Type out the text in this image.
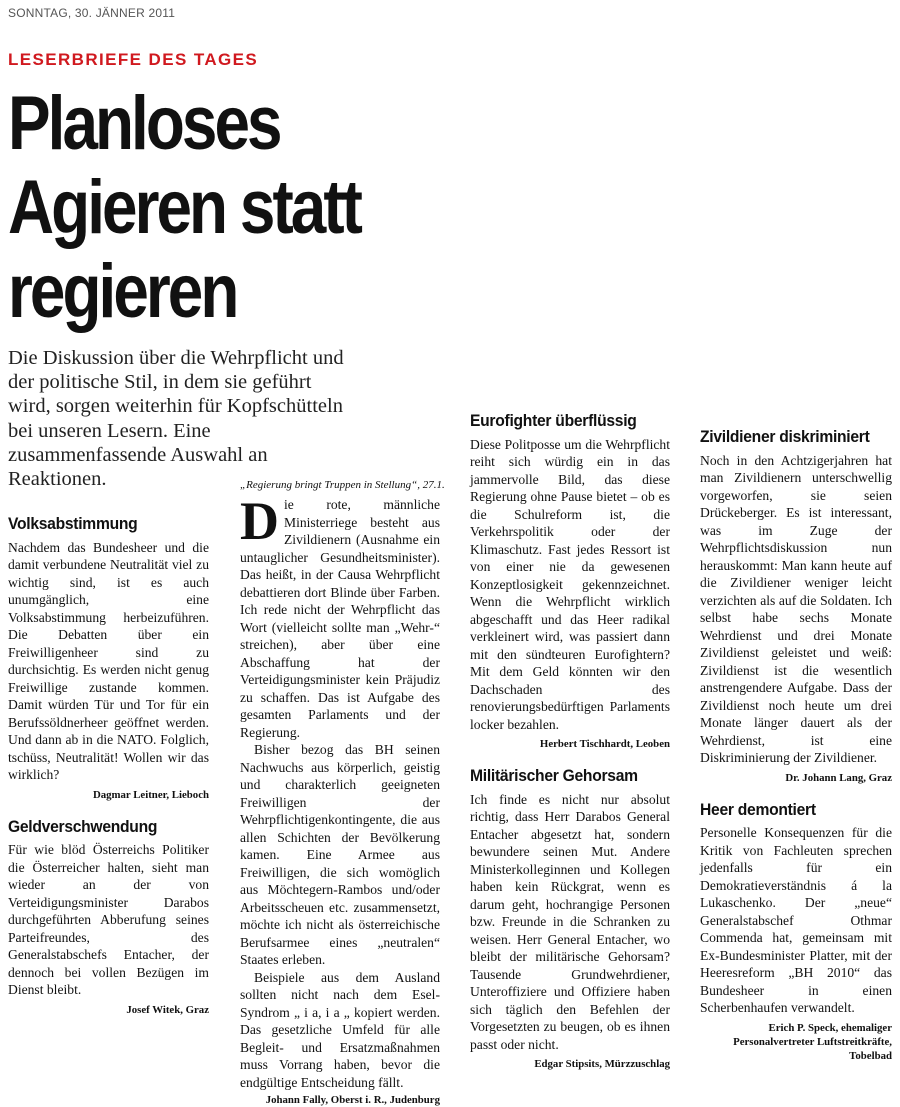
SONNTAG, 30. JÄNNER 2011
LESERBRIEFE DES TAGES
Planloses
Agieren statt
regieren
Die Diskussion über die Wehrpflicht und der politische Stil, in dem sie geführt wird, sorgen weiterhin für Kopfschütteln bei unseren Lesern. Eine zusammenfassende Auswahl an Reaktionen.
Volksabstimmung

Nachdem das Bundesheer und die damit verbundene Neutralität viel zu wichtig sind, ist es auch unumgänglich, eine Volksabstimmung herbeizuführen. Die Debatten über ein Freiwilligenheer sind zu durchsichtig. Es werden nicht genug Freiwillige zustande kommen. Damit würden Tür und Tor für ein Berufssöldnerheer geöffnet werden. Und dann ab in die NATO. Folglich, tschüss, Neutralität! Wollen wir das wirklich?

Dagmar Leitner, Lieboch
Geldverschwendung

Für wie blöd Österreichs Politiker die Österreicher halten, sieht man wieder an der von Verteidigungsminister Darabos durchgeführten Abberufung seines Parteifreundes, des Generalstabschefs Entacher, der dennoch bei vollen Bezügen im Dienst bleibt.

Josef Witek, Graz
„Regierung bringt Truppen in Stellung“, 27.1.

Die rote, männliche Ministerriege besteht aus Zivildienern (Ausnahme ein untauglicher Gesundheitsminister). Das heißt, in der Causa Wehrpflicht debattieren dort Blinde über Farben. Ich rede nicht der Wehrpflicht das Wort (vielleicht sollte man „Wehr-“ streichen), aber über eine Abschaffung hat der Verteidigungsminister kein Präjudiz zu schaffen. Das ist Aufgabe des gesamten Parlaments und der Regierung.

Bisher bezog das BH seinen Nachwuchs aus körperlich, geistig und charakterlich geeigneten Freiwilligen der Wehrpflichtigenkontingente, die aus allen Schichten der Bevölkerung kamen. Eine Armee aus Freiwilligen, die sich womöglich aus Möchtegern-Rambos und/oder Arbeitsscheuen etc. zusammensetzt, möchte ich nicht als österreichische Berufsarmee eines „neutralen“ Staates erleben.

Beispiele aus dem Ausland sollten nicht nach dem Esel-Syndrom „ i a, i a „ kopiert werden. Das gesetzliche Umfeld für alle Begleit- und Ersatzmaßnahmen muss Vorrang haben, bevor die endgültige Entscheidung fällt.

Johann Fally, Oberst i. R., Judenburg
Eurofighter überflüssig

Diese Politposse um die Wehrpflicht reiht sich würdig ein in das jammervolle Bild, das diese Regierung ohne Pause bietet – ob es die Schulreform ist, die Verkehrspolitik oder der Klimaschutz. Fast jedes Ressort ist von einer nie da gewesenen Konzeptlosigkeit gekennzeichnet. Wenn die Wehrpflicht wirklich abgeschafft und das Heer radikal verkleinert wird, was passiert dann mit den sündteuren Eurofightern? Mit dem Geld könnten wir den Dachschaden des renovierungsbedürftigen Parlaments locker bezahlen.

Herbert Tischhardt, Leoben
Militärischer Gehorsam

Ich finde es nicht nur absolut richtig, dass Herr Darabos General Entacher abgesetzt hat, sondern bewundere seinen Mut. Andere Ministerkolleginnen und Kollegen haben kein Rückgrat, wenn es darum geht, hochrangige Personen bzw. Freunde in die Schranken zu weisen. Herr General Entacher, wo bleibt der militärische Gehorsam? Tausende Grundwehrdiener, Unteroffiziere und Offiziere haben sich täglich den Befehlen der Vorgesetzten zu beugen, ob es ihnen passt oder nicht.

Edgar Stipsits, Mürzzuschlag
Zivildiener diskriminiert

Noch in den Achtzigerjahren hat man Zivildienern unterschwellig vorgeworfen, sie seien Drückeberger. Es ist interessant, was im Zuge der Wehrpflichtsdiskussion nun herauskommt: Man kann heute auf die Zivildiener weniger leicht verzichten als auf die Soldaten. Ich selbst habe sechs Monate Wehrdienst und drei Monate Zivildienst geleistet und weiß: Zivildienst ist die wesentlich anstrengendere Aufgabe. Dass der Zivildienst noch heute um drei Monate länger dauert als der Wehrdienst, ist eine Diskriminierung der Zivildiener.

Dr. Johann Lang, Graz
Heer demontiert

Personelle Konsequenzen für die Kritik von Fachleuten sprechen jedenfalls für ein Demokratieverständnis á la Lukaschenko. Der „neue“ Generalstabschef Othmar Commenda hat, gemeinsam mit Ex-Bundesminister Platter, mit der Heeresreform „BH 2010“ das Bundesheer in einen Scherbenhaufen verwandelt.

Erich P. Speck, ehemaliger Personalvertreter Luftstreitkräfte, Tobelbad
